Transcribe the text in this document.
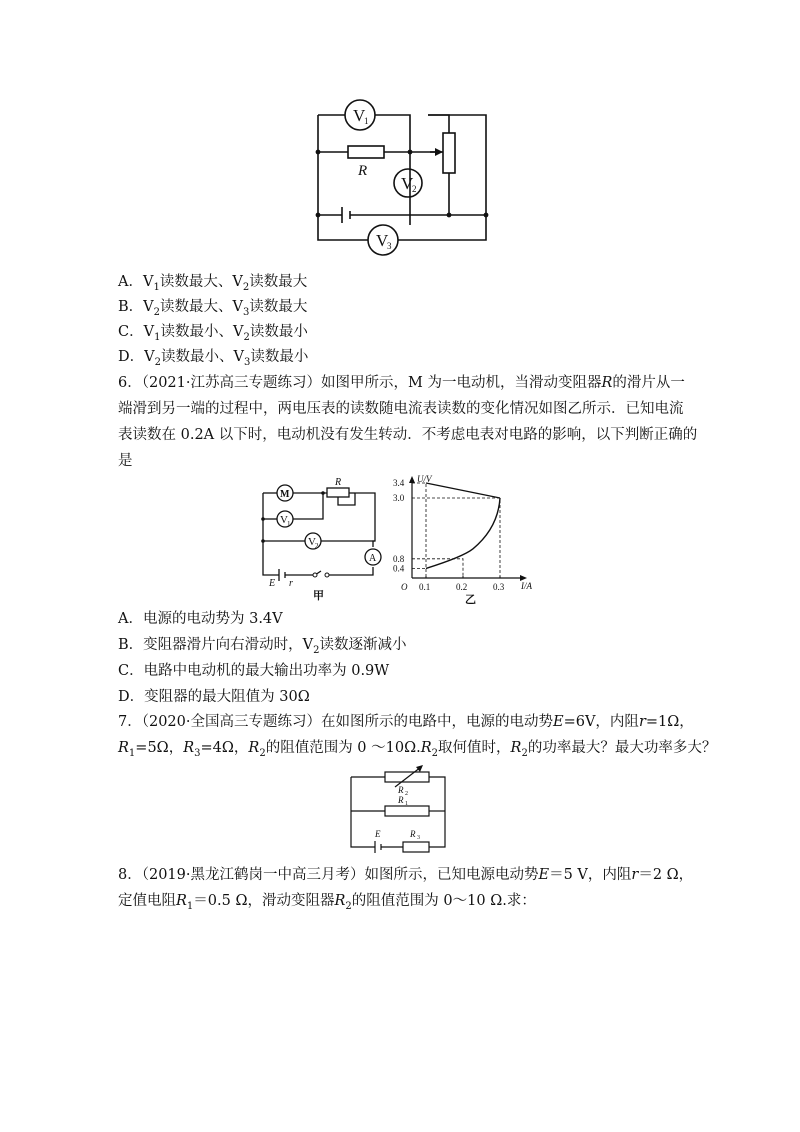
V
1
V
2
V
3
R
A．$V_1$读数最大、$V_2$读数最大
B．$V_2$读数最大、$V_3$读数最大
C．$V_1$读数最小、$V_2$读数最小
D．$V_2$读数最小、$V_3$读数最小
6．（2021·江苏高三专题练习）如图甲所示，M 为一电动机，当滑动变阻器R的滑片从一
端滑到另一端的过程中，两电压表的读数随电流表读数的变化情况如图乙所示．已知电流
表读数在 0.2A 以下时，电动机没有发生转动．不考虑电表对电路的影响，以下判断正确的
是
M
R
V 1
V 2
A
E r
甲
0.1	0.2	0.3
0.4
0.8
3.0
3.4 U/V
I/A
O
乙
A．电源的电动势为 3.4V
B．变阻器滑片向右滑动时，$V_2$读数逐渐减小
C．电路中电动机的最大输出功率为 0.9W
D．变阻器的最大阻值为 30Ω
7．（2020·全国高三专题练习）在如图所示的电路中，电源的电动势E=6V，内阻r=1Ω，
$R_1=5\Omega$，$R_3=4\Omega$，$R_2$的阻值范围为 0 $\sim 10\Omega.R_2$取何值时，$R_2$的功率最大？最大功率多大？
R 2
R 1
E	R 3
8．（2019·黑龙江鹤岗一中高三月考）如图所示，已知电源电动势E＝5 V，内阻r＝2 Ω，
定值电阻$R_1=0.5$ Ω，滑动变阻器$R_2$的阻值范围为 0～10 Ω.求：
